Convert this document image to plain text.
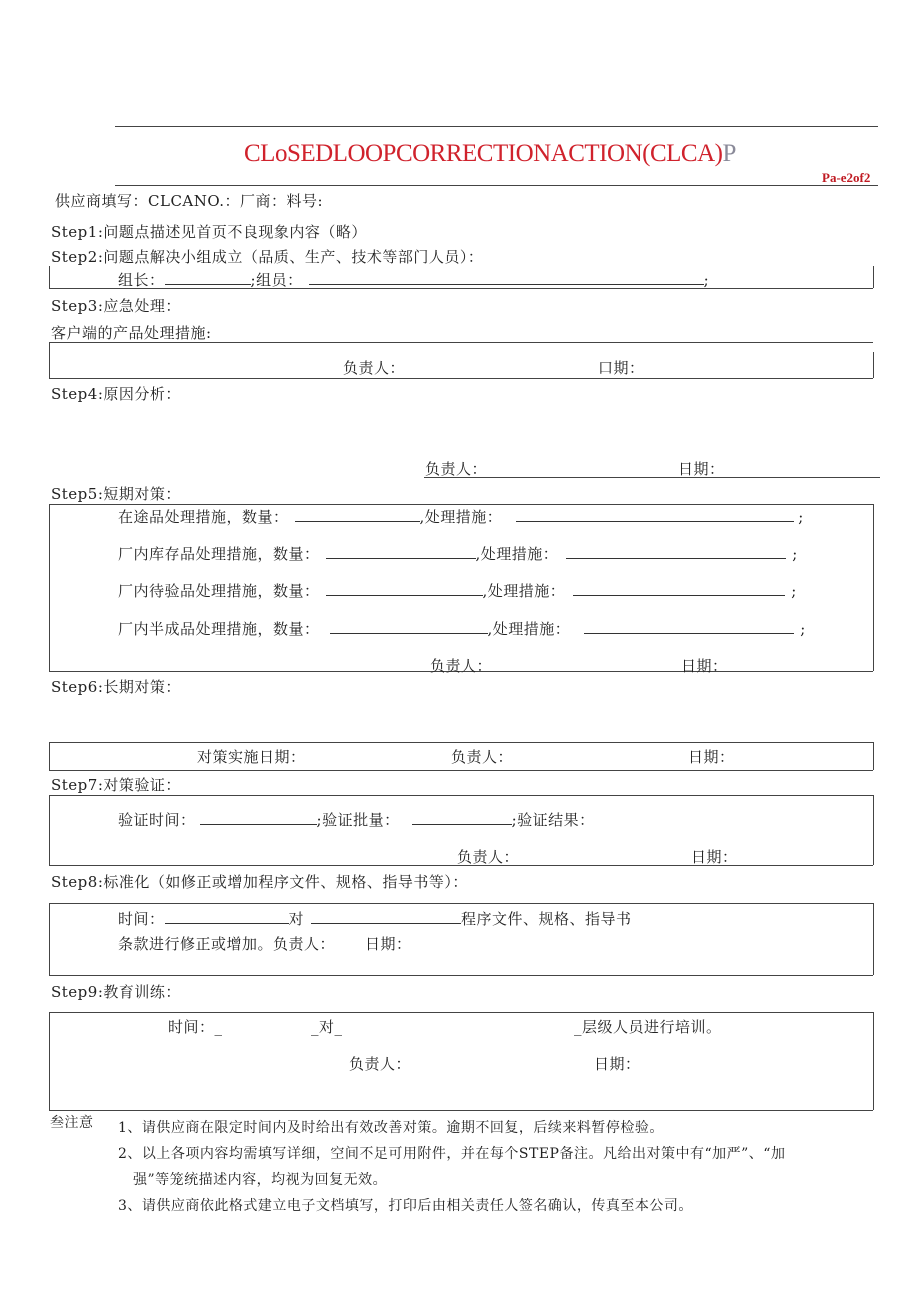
CLoSEDLOOPCORRECTIONACTION(CLCA)P
Pa-e2of2
供应商填写：CLCANO.：厂商：料号:
Step1:问题点描述见首页不良现象内容（略）
Step2:问题点解决小组成立（品质、生产、技术等部门人员）：
组长：	;组员：	;
Step3:应急处理：
客户端的产品处理措施:
负责人：	口期：
Step4:原因分析：
负责人：	日期：
Step5:短期对策：
在途品处理措施，数量：	,处理措施：	;
厂内库存品处理措施，数量：	,处理措施：	;
厂内待验品处理措施，数量：	,处理措施：	;
厂内半成品处理措施，数量：	,处理措施：	;
负责人：	日期：
Step6:长期对策：
对策实施日期：	负责人：	日期：
Step7:对策验证：
验证时间：	;验证批量：	;验证结果：
负责人：	日期：
Step8:标准化（如修正或增加程序文件、规格、指导书等）：
时间：	对	程序文件、规格、指导书
条款进行修正或增加。负责人： 日期：
Step9:教育训练：
时间：_	_对_	_层级人员进行培训。
负责人：	日期：
叁注意 1、请供应商在限定时间内及时给出有效改善对策。逾期不回复，后续来料暂停检验。
2、以上各项内容均需填写详细，空间不足可用附件，并在每个STEP备注。凡给出对策中有“加严”、“加
强”等笼统描述内容，均视为回复无效。
3、请供应商依此格式建立电子文档填写，打印后由相关责任人签名确认，传真至本公司。
